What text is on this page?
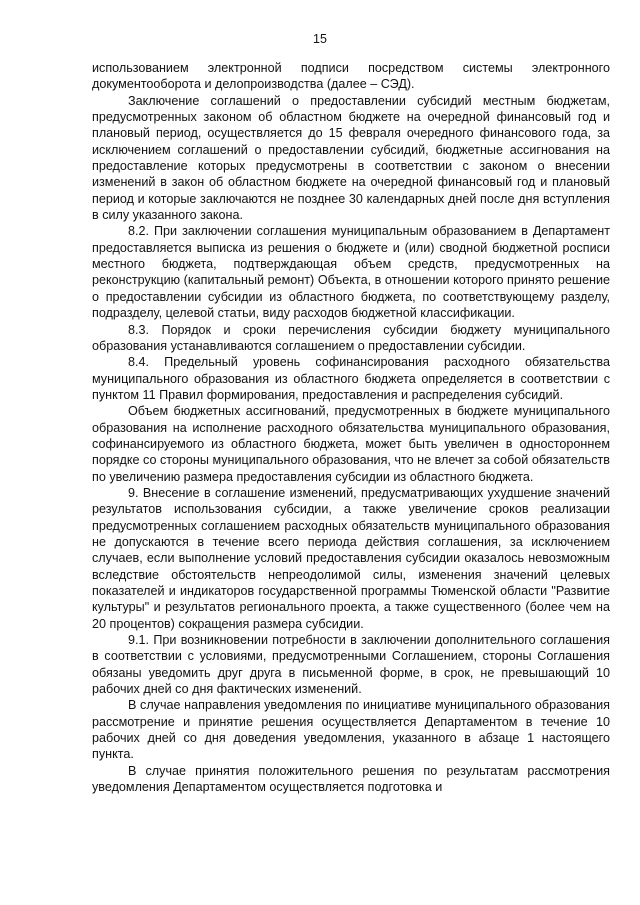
15

использованием электронной подписи посредством системы электронного документооборота и делопроизводства (далее – СЭД).

Заключение соглашений о предоставлении субсидий местным бюджетам, предусмотренных законом об областном бюджете на очередной финансовый год и плановый период, осуществляется до 15 февраля очередного финансового года, за исключением соглашений о предоставлении субсидий, бюджетные ассигнования на предоставление которых предусмотрены в соответствии с законом о внесении изменений в закон об областном бюджете на очередной финансовый год и плановый период и которые заключаются не позднее 30 календарных дней после дня вступления в силу указанного закона.

8.2. При заключении соглашения муниципальным образованием в Департамент предоставляется выписка из решения о бюджете и (или) сводной бюджетной росписи местного бюджета, подтверждающая объем средств, предусмотренных на реконструкцию (капитальный ремонт) Объекта, в отношении которого принято решение о предоставлении субсидии из областного бюджета, по соответствующему разделу, подразделу, целевой статьи, виду расходов бюджетной классификации.

8.3. Порядок и сроки перечисления субсидии бюджету муниципального образования устанавливаются соглашением о предоставлении субсидии.

8.4. Предельный уровень софинансирования расходного обязательства муниципального образования из областного бюджета определяется в соответствии с пунктом 11 Правил формирования, предоставления и распределения субсидий.

Объем бюджетных ассигнований, предусмотренных в бюджете муниципального образования на исполнение расходного обязательства муниципального образования, софинансируемого из областного бюджета, может быть увеличен в одностороннем порядке со стороны муниципального образования, что не влечет за собой обязательств по увеличению размера предоставления субсидии из областного бюджета.

9. Внесение в соглашение изменений, предусматривающих ухудшение значений результатов использования субсидии, а также увеличение сроков реализации предусмотренных соглашением расходных обязательств муниципального образования не допускаются в течение всего периода действия соглашения, за исключением случаев, если выполнение условий предоставления субсидии оказалось невозможным вследствие обстоятельств непреодолимой силы, изменения значений целевых показателей и индикаторов государственной программы Тюменской области "Развитие культуры" и результатов регионального проекта, а также существенного (более чем на 20 процентов) сокращения размера субсидии.

9.1. При возникновении потребности в заключении дополнительного соглашения в соответствии с условиями, предусмотренными Соглашением, стороны Соглашения обязаны уведомить друг друга в письменной форме, в срок, не превышающий 10 рабочих дней со дня фактических изменений.

В случае направления уведомления по инициативе муниципального образования рассмотрение и принятие решения осуществляется Департаментом в течение 10 рабочих дней со дня доведения уведомления, указанного в абзаце 1 настоящего пункта.

В случае принятия положительного решения по результатам рассмотрения уведомления Департаментом осуществляется подготовка и
